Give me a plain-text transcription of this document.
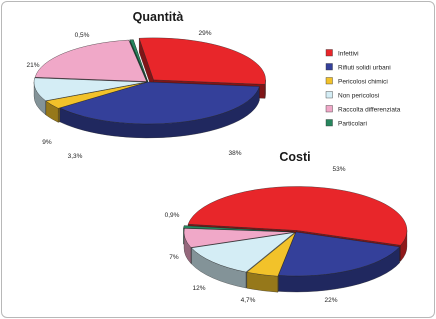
Quantità
Costi
29%
38%
3,3%
9%
21%
0,5%
53%
22%
4,7%
12%
7%
0,9%
Infettivi
Rifiuti solidi urbani
Pericolosi chimici
Non pericolosi
Raccolta differenziata
Particolari
